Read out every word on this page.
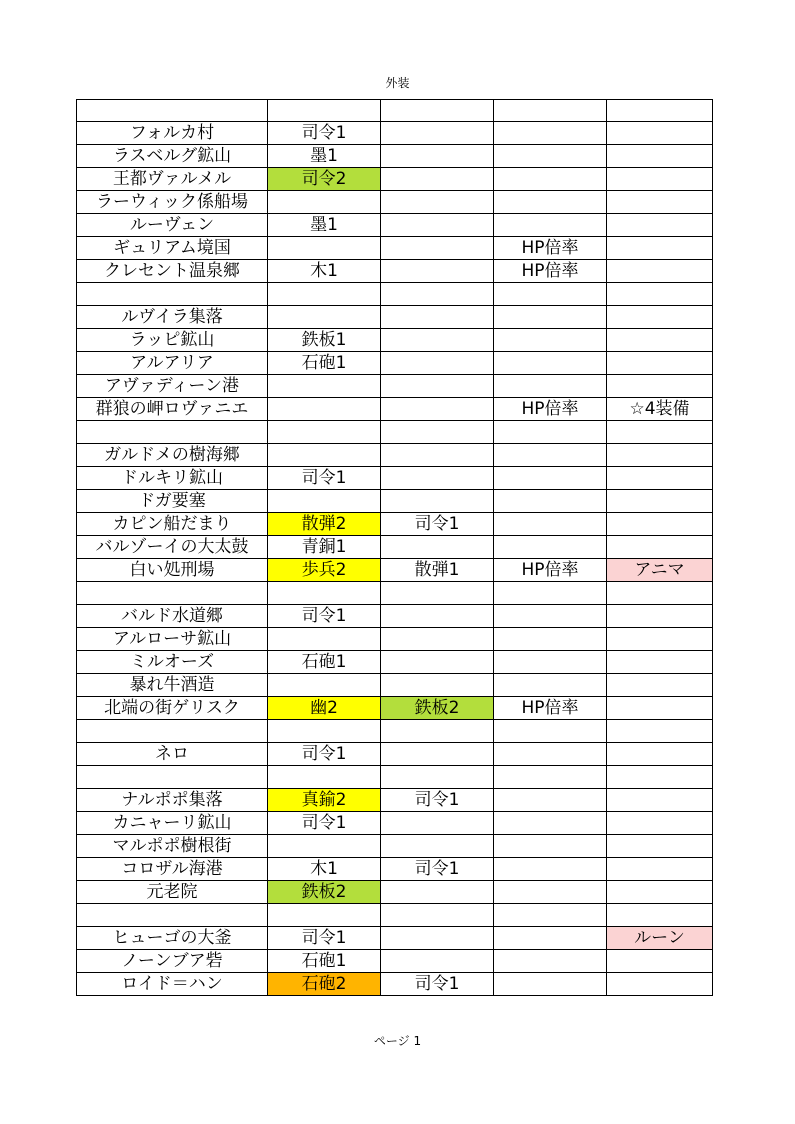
外装

フォルカ村	司令1			
ラスベルグ鉱山	墨1			
王都ヴァルメル	司令2			
ラーウィック係船場				
ルーヴェン	墨1			
ギュリアム境国			HP倍率	
クレセント温泉郷	木1		HP倍率	

ルヴイラ集落				
ラッピ鉱山	鉄板1			
アルアリア	石砲1			
アヴァディーン港				
群狼の岬ロヴァニエ			HP倍率	☆4装備

ガルドメの樹海郷				
ドルキリ鉱山	司令1			
ドガ要塞				
カピン船だまり	散弾2	司令1		
バルゾーイの大太鼓	青銅1			
白い処刑場	歩兵2	散弾1	HP倍率	アニマ

バルド水道郷	司令1			
アルローサ鉱山				
ミルオーズ	石砲1			
暴れ牛酒造				
北端の街ゲリスク	幽2	鉄板2	HP倍率	

ネロ	司令1			

ナルポポ集落	真鍮2	司令1		
カニャーリ鉱山	司令1			
マルポポ樹根街				
コロザル海港	木1	司令1		
元老院	鉄板2			

ヒューゴの大釜	司令1			ルーン
ノーンブア砦	石砲1			
ロイド＝ハン	石砲2	司令1		
ページ 1
